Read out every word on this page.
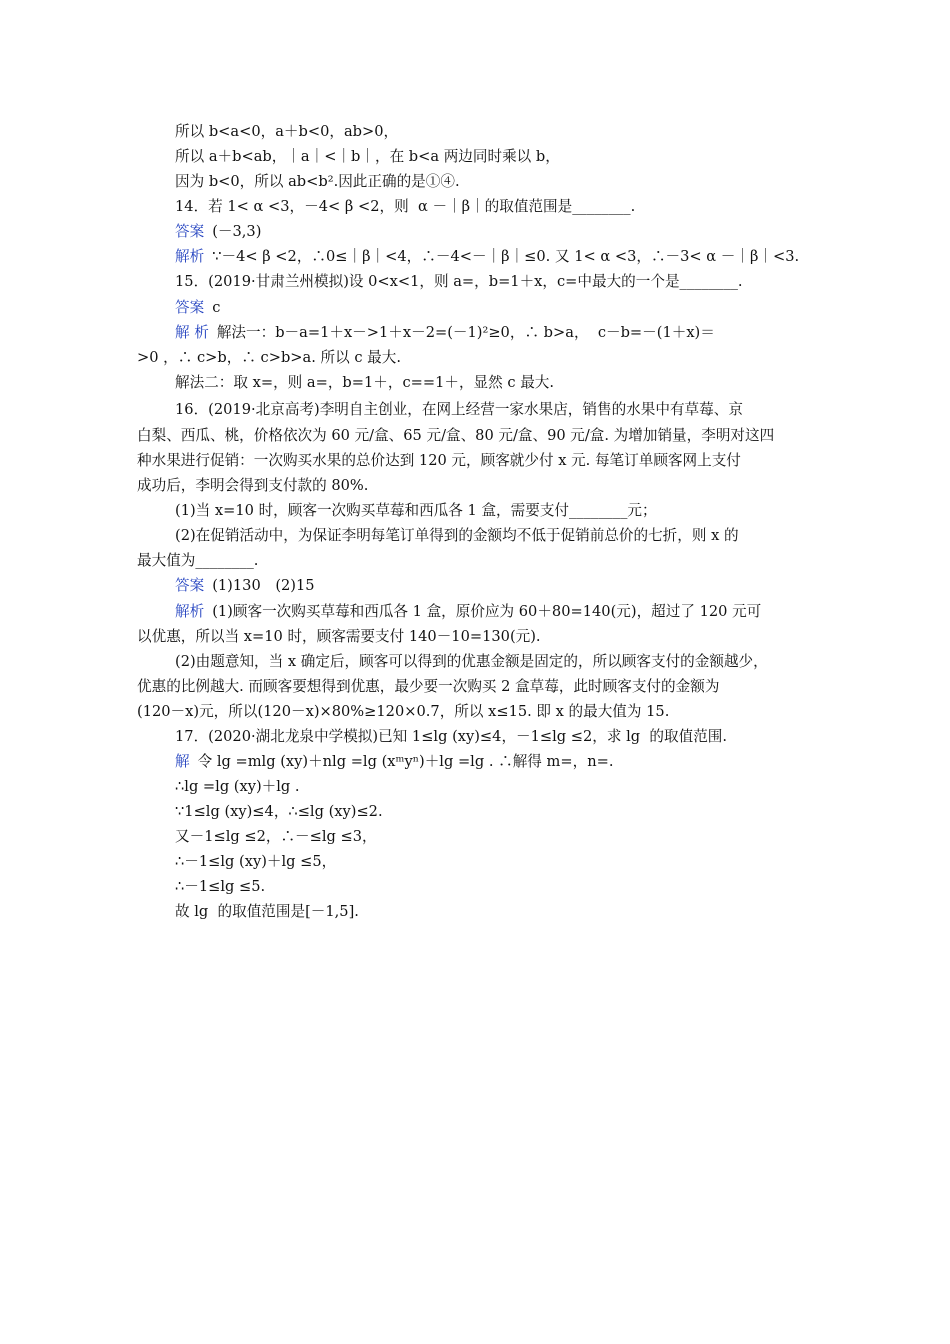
所以 b<a<0，a＋b<0，ab>0，
所以 a＋b<ab，｜a｜<｜b｜，在 b<a 两边同时乘以 b，
因为 b<0，所以 ab<b².因此正确的是①④.
14．若 1< α <3，－4< β <2，则  α －｜β｜的取值范围是________.
答案 (－3,3)
解析 ∵－4< β <2，∴0≤｜β｜<4，∴－4<－｜β｜≤0. 又 1< α <3，∴－3< α －｜β｜<3.
15．(2019·甘肃兰州模拟)设 0<x<1，则 a=，b=1＋x，c=中最大的一个是________.
答案 c
解 析 解法一：b－a=1＋x－>1＋x－2=(－1)²≥0，∴ b>a，  c－b=－(1＋x)＝
>0 ，∴ c>b，∴ c>b>a. 所以 c 最大.
解法二：取 x=，则 a=，b=1＋，c==1＋，显然 c 最大.
16．(2019·北京高考)李明自主创业，在网上经营一家水果店，销售的水果中有草莓、京
白梨、西瓜、桃，价格依次为 60 元/盒、65 元/盒、80 元/盒、90 元/盒. 为增加销量，李明对这四
种水果进行促销：一次购买水果的总价达到 120 元，顾客就少付 x 元. 每笔订单顾客网上支付
成功后，李明会得到支付款的 80%.
(1)当 x=10 时，顾客一次购买草莓和西瓜各 1 盒，需要支付________元；
(2)在促销活动中，为保证李明每笔订单得到的金额均不低于促销前总价的七折，则 x 的
最大值为________.
答案 (1)130　(2)15
解析 (1)顾客一次购买草莓和西瓜各 1 盒，原价应为 60＋80=140(元)，超过了 120 元可
以优惠，所以当 x=10 时，顾客需要支付 140－10=130(元).
(2)由题意知，当 x 确定后，顾客可以得到的优惠金额是固定的，所以顾客支付的金额越少，
优惠的比例越大. 而顾客要想得到优惠，最少要一次购买 2 盒草莓，此时顾客支付的金额为
(120－x)元，所以(120－x)×80%≥120×0.7，所以 x≤15. 即 x 的最大值为 15.
17．(2020·湖北龙泉中学模拟)已知 1≤lg (xy)≤4，－1≤lg ≤2，求 lg  的取值范围.
解 令 lg =mlg (xy)＋nlg =lg (xᵐyⁿ)＋lg =lg . ∴解得 m=，n=.
∴lg =lg (xy)＋lg .
∵1≤lg (xy)≤4，∴≤lg (xy)≤2.
又－1≤lg ≤2，∴－≤lg ≤3，
∴－1≤lg (xy)＋lg ≤5，
∴－1≤lg ≤5.
故 lg  的取值范围是[－1,5].
